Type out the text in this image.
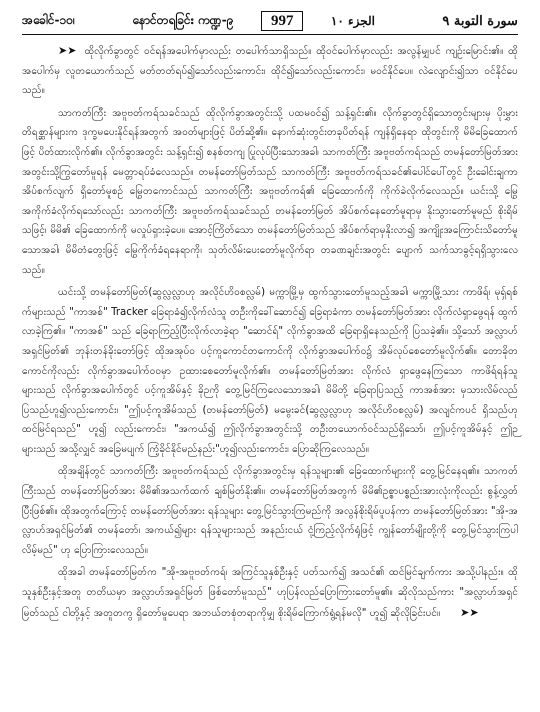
အခေါင်-၁၀၊	နောင်တရခြင်း ကဏ္ဍ-၉	997	الجزء ١٠	سورة التوبة ٩

➤➤ ထိုလိုက်ခွာတွင် ဝင်ရန်အပေါက်မှာလည်း တပေါက်သာရှိသည်။ ထိုဝင်ပေါက်မှာလည်း အလွန်မျှပင် ကျဉ်းမြောင်း၏။ ထိုအပေါက်မှ လူတယောက်သည် မတ်တတ်ရပ်၍သော်လည်းကောင်း၊ ထိုင်၍သော်လည်းကောင်း၊ မဝင်နိုင်ပေ။ လဲလျောင်း၍သာ ဝင်နိုင်ပေသည်။

သာကတ်ကြီး အဗူဗတ်ကရ်သခင်သည် ထိုလိုက်ခွာအတွင်းသို့ ပထမဝင်၍ သန့်ရှင်း၏။ လိုက်ခွာတွင်ရှိသောတွင်းများမှ ပိုးမွှားတိရစ္ဆာန်များက ဒုက္ခမပေးနိုင်ရန်အတွက် အဝတ်များဖြင့် ပိတ်ဆို့၏။ နောက်ဆုံးတွင်းတခုပိတ်ရန် ကျန်ရှိနေရာ ထိုတွင်းကို မိမိခြေထောက်ဖြင့် ပိတ်ထားလိုက်၏။ လိုက်ခွာအတွင်း သန့်ရှင်း၍ စနစ်တကျ ပြုလုပ်ပြီးသောအခါ၊ သာကတ်ကြီး အဗူဗတ်ကရ်သည် တမန်တော်မြတ်အား အတွင်းသို့ကြွတော်မူရန် မေတ္တာရပ်ခံလေသည်။ တမန်တော်မြတ်သည် သာကတ်ကြီး အဗူဗတ်ကရ်သခင်၏ပေါင်ပေါ်တွင် ဦးခေါင်းချကာ အိပ်စက်လျက် ရှိတော်မူစဉ် မြွေတကောင်သည် သာကတ်ကြီး အဗူဗတ်ကရ်၏ ခြေထောက်ကို ကိုက်ခဲလိုက်လေသည်။ ယင်းသို့ မြွေအကိုက်ခံလိုက်ရသော်လည်း သာကတ်ကြီး အဗူဗတ်ကရ်သခင်သည် တမန်တော်မြတ် အိပ်စက်နေတော်မူရာမှ နိုးသွားတော်မူမည် စိုးရိမ်သဖြင့်၊ မိမိ၏ ခြေထောက်ကို မလှုပ်ရှားခဲ့ပေ။ အောင့်ကြိတ်သော တမန်တော်မြတ်သည် အိပ်စက်ရာမှနိုးလာ၍ အကျိုးအကြောင်းသိတော်မူသောအခါ၊ မိမိတံတွေးဖြင့် မြွေကိုက်ခံရနေရာကို၊ သုတ်လိမ်းပေးတော်မူလိုက်ရာ တခဏချင်းအတွင်း ပျောက် သက်သာခွင့်ရရှိသွားလေသည်။

ယင်းသို့ တမန်တော်မြတ်(ဆွလ္လလ္လာဟု အလိုင်ဟိဝစလ္လမ်) မက္ကာမြို့မှ ထွက်သွားတော်မူသည့်အခါ၊ မက္ကာမြို့သား ကာဖိရ်၊ မုရှ်ရစ်က်များသည် "ကာအစ်" Tracker ခြေရာခံ၍လိုက်လံသူ တဦးကိုခေါ်ဆောင်၍ ခြေရာခံကာ တမန်တော်မြတ်အား လိုက်လံရှာဖွေရန် ထွက်လာခဲ့ကြ၏။ "ကာအစ်" သည် ခြေရာကြည့်ပြီးလိုက်လာခဲ့ရာ "ဆောင်ရ်" လိုက်ခွာအထိ ခြေရာရှိနေသည်ကို ပြသခဲ့၏။ သို့သော် အလ္လာဟ်အရှင်မြတ်၏ ဘုန်းတန်ခိုးတော်ဖြင့် ထိုအအုပ်ဝ ပင့်ကူကောင်တကောင်ကို လိုက်ခွာအပေါက်ဝ၌ အိမ်လုပ်စေတော်မူလိုက်၏။ တောခိုတကောင်ကိုလည်း လိုက်ခွာအပေါက်ဝဝမှာ ဥထားစေတော်မူလိုက်၏။ တမန်တော်မြတ်အား လိုက်လံ ရှာဖွေနေကြသော ကာဖိရ်ရန်သူများသည် လိုက်ခွာအပေါက်တွင် ပင့်ကူအိမ်နှင့် ခိုဉကို တွေ့မြင်ကြလေသောအခါ၊ မိမိတို့ ခြေရာပြသည့် ကာအစ်အား မှသားလိမ်လည်ပြသည်ဟူ၍လည်းကောင်း၊ "ဤပင့်ကူအိမ်သည် (တမန်တော်မြတ်) မမွေးခင်(ဆွလ္လလ္လာဟု အလိုင်ဟိဝစလ္လမ်) အလျင်ကပင် ရှိသည်ဟု ထင်မြင်ရသည်" ဟူ၍ လည်းကောင်း၊ "အကယ်၍ ဤလိုက်ခွာအတွင်းသို့ တဦးတယောက်ဝင်သည်ရှိသော်၊ ဤပင့်ကူအိမ်နှင့် ဤဉများသည် အသို့လျှင် အခြေမပျက် ကြံ့ခိုင်နိုင်မည်နည်း"ဟူ၍လည်းကောင်း၊ ပြောဆိုကြလေသည်။

ထိုအချိန်တွင် သာကတ်ကြီး အဗူဗတ်ကရ်သည် လိုက်ခွာအတွင်းမှ ရန်သူများ၏ ခြေထောက်များကို တွေ့မြင်နေရ၏။ သာကတ်ကြီးသည် တမန်တော်မြတ်အား မိမိ၏အသက်ထက် ချစ်မြတ်နိုး၏။ တမန်တော်မြတ်အတွက် မိမိ၏ဥစ္စာပစ္စည်းအားလုံးကိုလည်း စွန့်လွှတ်ပြီးဖြစ်၏။ ထိုအတွက်ကြောင့် တမန်တော်မြတ်အား ရန်သူများ တွေ့မြင်သွားကြမည်ကို အလွန်စိုးရိမ်ပူပန်ကာ တမန်တော်မြတ်အား "အို-အလ္လာဟ်အရှင်မြတ်၏ တမန်တော်၊ အကယ်၍များ ရန်သူများသည် အနည်းငယ် ငုံ့ကြည့်လိုက်ရုံဖြင့် ကျွန်တော်မျိုးတို့ကို တွေ့မြင်သွားကြပါလိမ့်မည်" ဟု ပြောကြားလေသည်။

ထိုအခါ တမန်တော်မြတ်က "အို-အဗူဗတ်ကရ်၊ အကြင်သူနှစ်ဦးနှင့် ပတ်သက်၍ အသင်၏ ထင်မြင်ချက်ကား အသို့ပါနည်း။ ထိုသူနှစ်ဦးနှင့်အတူ တတိယမှာ အလ္လာဟ်အရှင်မြတ် ဖြစ်တော်မူသည်" ဟုပြန်လည်ပြောကြားတော်မူ၏။ ဆိုလိုသည်ကား "အလ္လာဟ်အရှင်မြတ်သည် ငါတို့နှင့် အတူတကွ ရှိတော်မူပေရာ အဘယ်တစုံတရာကိုမျှ စိုးရိမ်ကြောက်ရွံ့ရန်မလို" ဟူ၍ ဆိုလိုခြင်းပင်။ ➤➤
